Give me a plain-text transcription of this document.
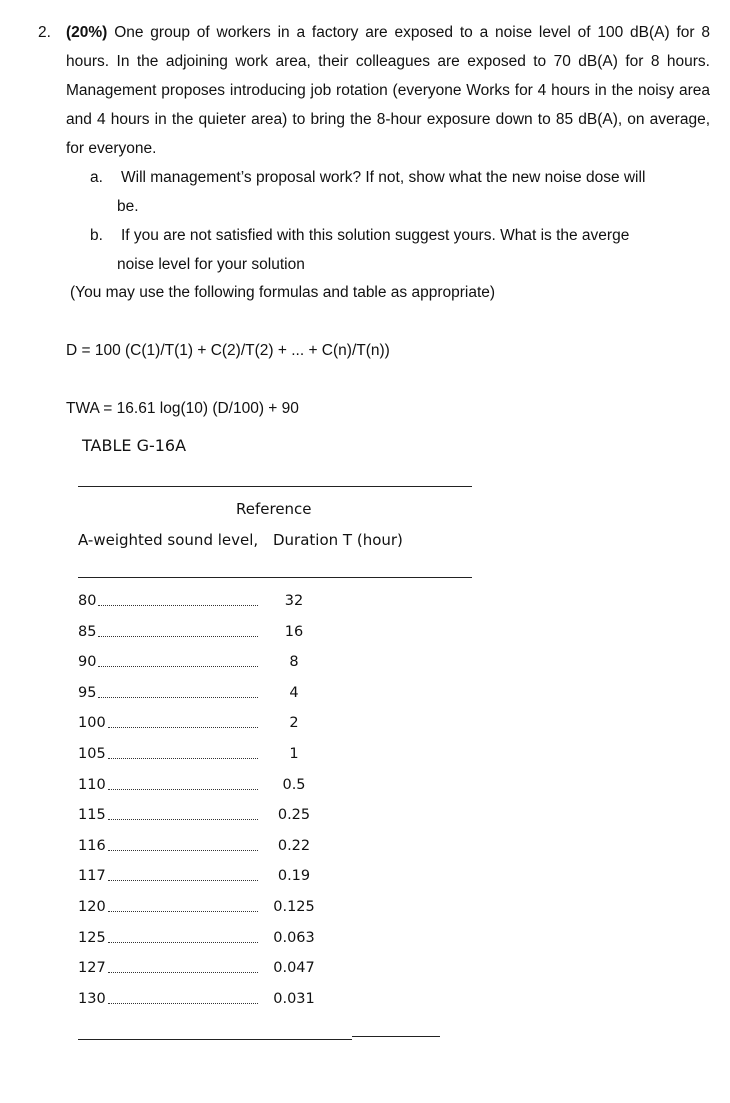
2. (20%) One group of workers in a factory are exposed to a noise level of 100 dB(A) for 8 hours. In the adjoining work area, their colleagues are exposed to 70 dB(A) for 8 hours. Management proposes introducing job rotation (everyone Works for 4 hours in the noisy area and 4 hours in the quieter area) to bring the 8-hour exposure down to 85 dB(A), on average, for everyone.
a. Will management’s proposal work? If not, show what the new noise dose will
be.
b. If you are not satisfied with this solution suggest yours. What is the averge
noise level for your solution
(You may use the following formulas and table as appropriate)
D = 100 (C(1)/T(1) + C(2)/T(2) + ... + C(n)/T(n))
TWA = 16.61 log(10) (D/100) + 90
TABLE G-16A
Reference
A-weighted sound level, Duration T (hour)
80	32
85	16
90	8
95	4
100	2
105	1
110	0.5
115	0.25
116	0.22
117	0.19
120	0.125
125	0.063
127	0.047
130	0.031
